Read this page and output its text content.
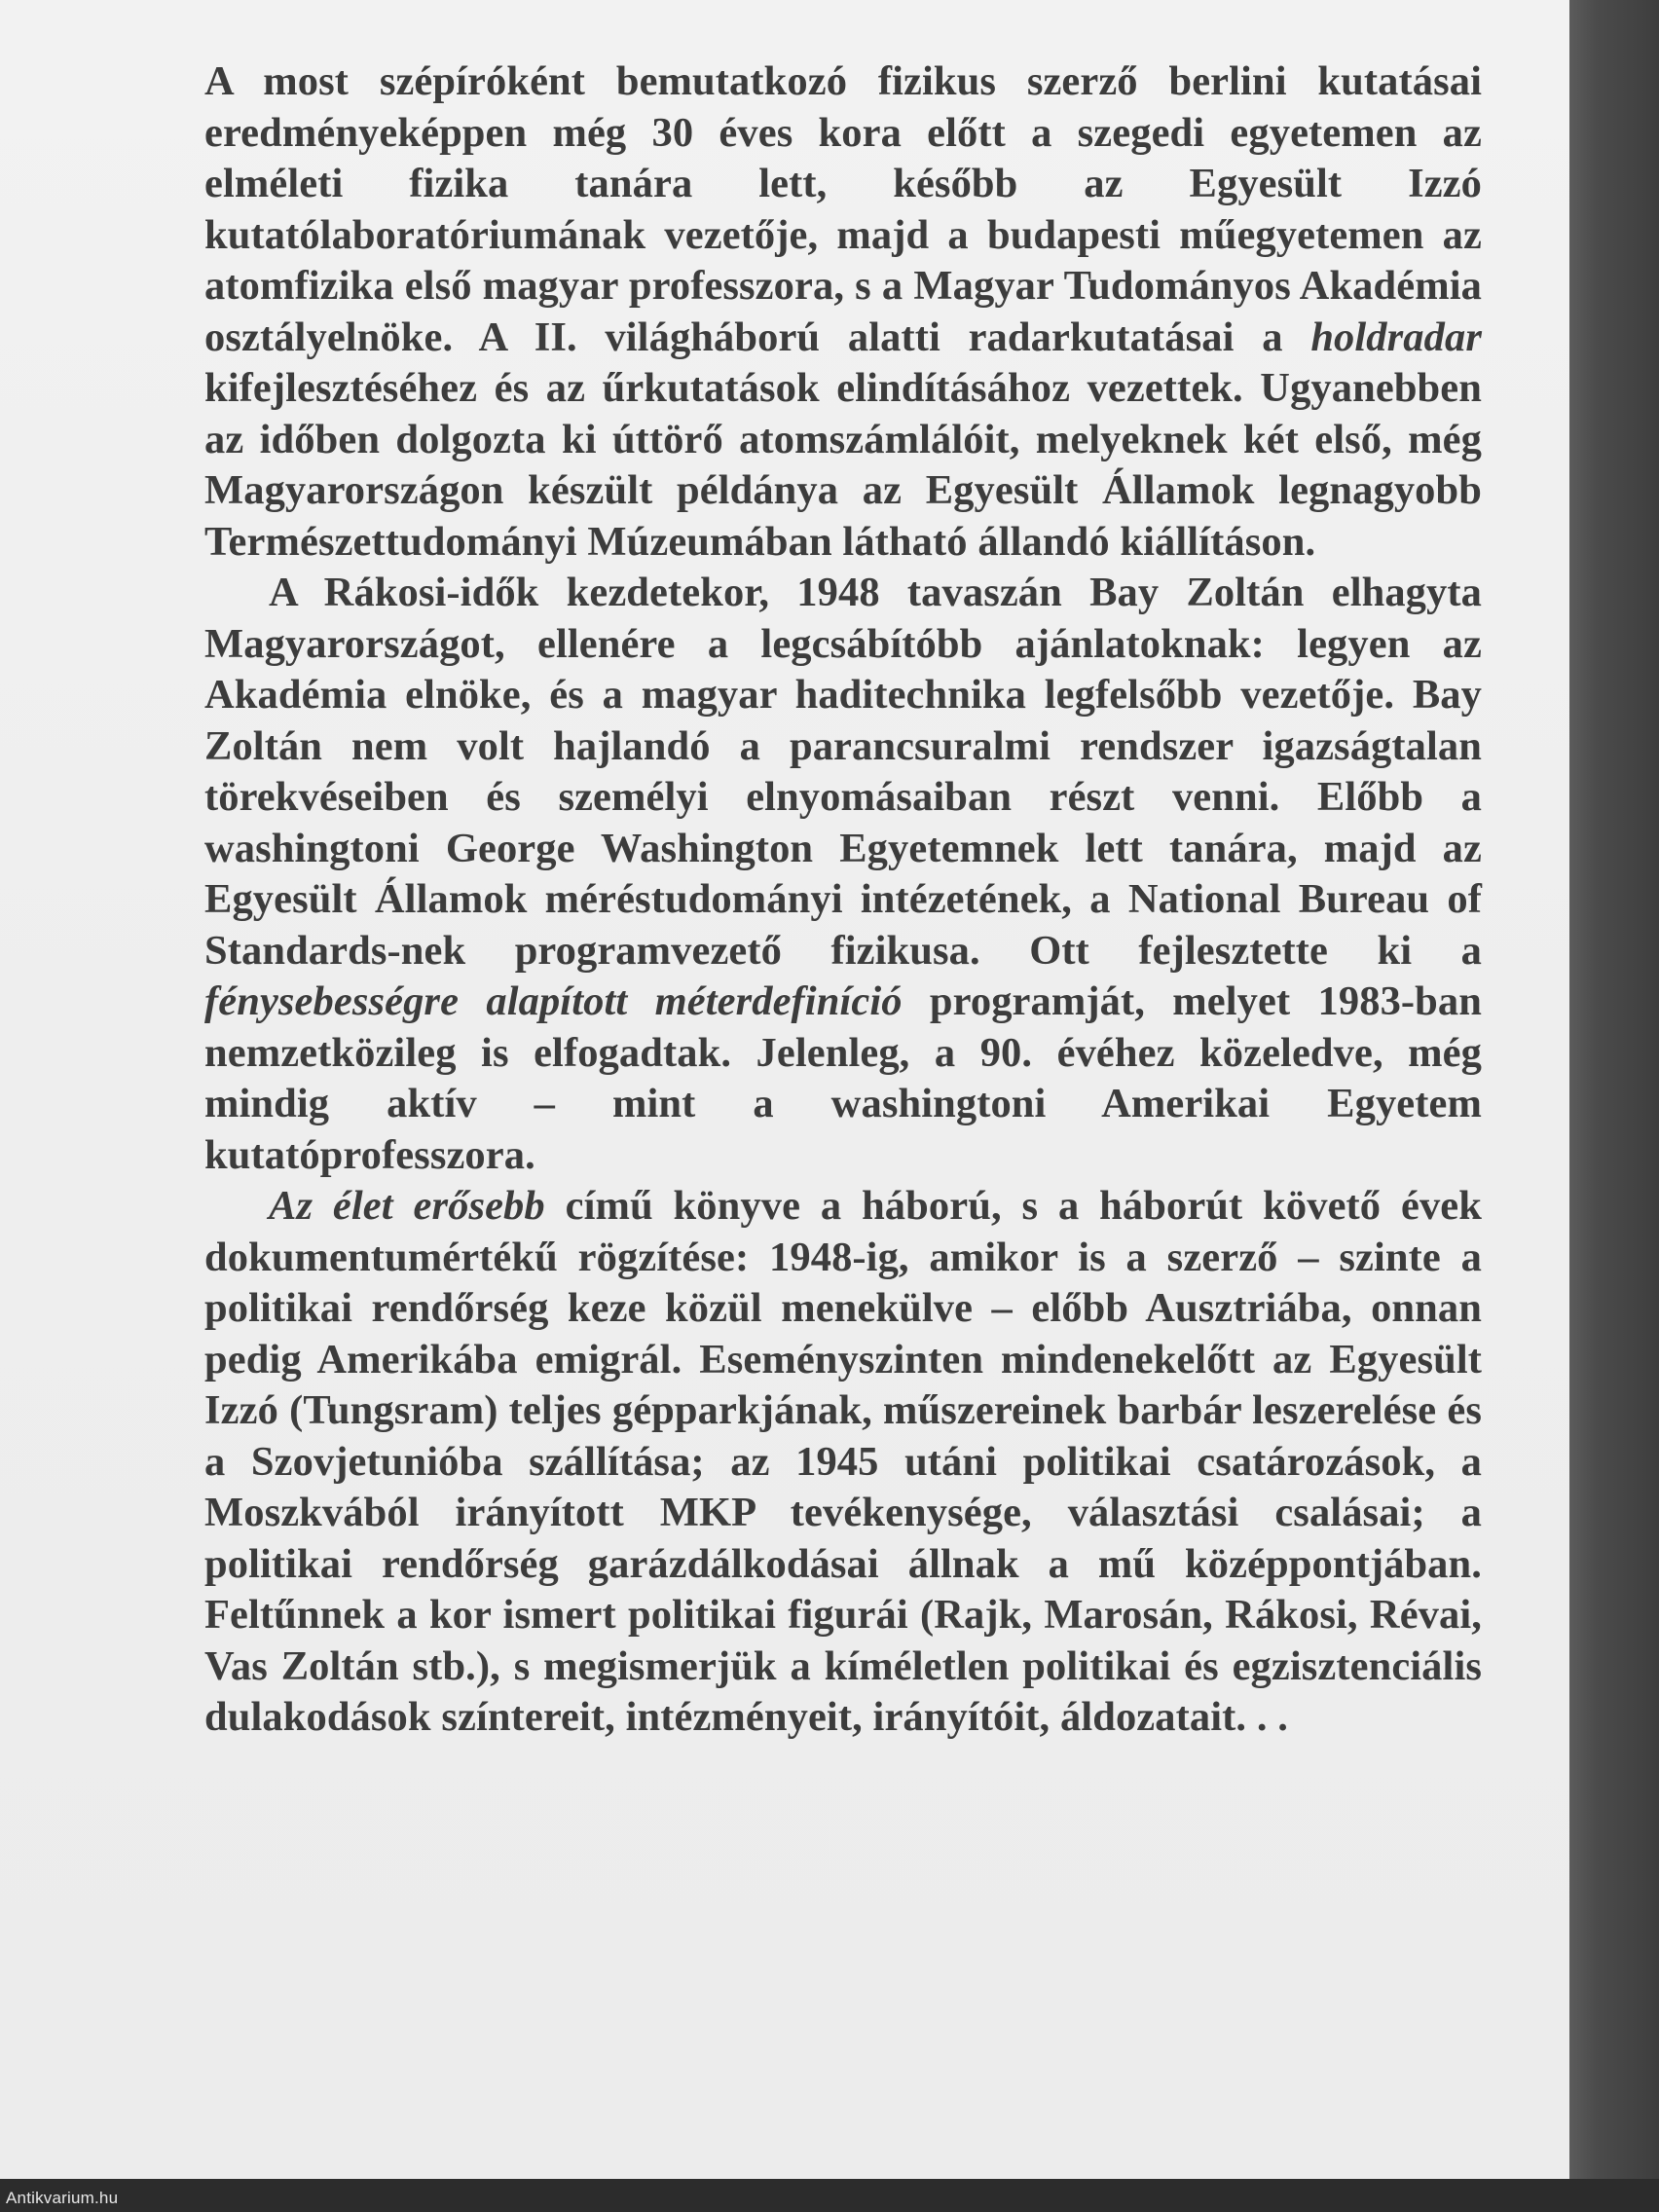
A most szépíróként bemutatkozó fizikus szerző berlini kutatásai eredményeképpen még 30 éves kora előtt a szegedi egyetemen az elméleti fizika tanára lett, később az Egyesült Izzó kutatólaboratóriumának vezetője, majd a budapesti műegyetemen az atomfizika első magyar professzora, s a Magyar Tudományos Akadémia osztályelnöke. A II. világháború alatti radarkutatásai a holdradar kifejlesztéséhez és az űrkutatások elindításához vezettek. Ugyanebben az időben dolgozta ki úttörő atomszámlálóit, melyeknek két első, még Magyarországon készült példánya az Egyesült Államok legnagyobb Természettudományi Múzeumában látható állandó kiállításon.

A Rákosi-idők kezdetekor, 1948 tavaszán Bay Zoltán elhagyta Magyarországot, ellenére a legcsábítóbb ajánlatoknak: legyen az Akadémia elnöke, és a magyar haditechnika legfelsőbb vezetője. Bay Zoltán nem volt hajlandó a parancsuralmi rendszer igazságtalan törekvéseiben és személyi elnyomásaiban részt venni. Előbb a washingtoni George Washington Egyetemnek lett tanára, majd az Egyesült Államok méréstudományi intézetének, a National Bureau of Standards-nek programvezető fizikusa. Ott fejlesztette ki a fénysebességre alapított méterdefiníció programját, melyet 1983-ban nemzetközileg is elfogadtak. Jelenleg, a 90. évéhez közeledve, még mindig aktív – mint a washingtoni Amerikai Egyetem kutatóprofesszora.

Az élet erősebb című könyve a háború, s a háborút követő évek dokumentumértékű rögzítése: 1948-ig, amikor is a szerző – szinte a politikai rendőrség keze közül menekülve – előbb Ausztriába, onnan pedig Amerikába emigrál. Eseményszinten mindenekelőtt az Egyesült Izzó (Tungsram) teljes gépparkjának, műszereinek barbár leszerelése és a Szovjetunióba szállítása; az 1945 utáni politikai csatározások, a Moszkvából irányított MKP tevékenysége, választási csalásai; a politikai rendőrség garázdálkodásai állnak a mű középpontjában. Feltűnnek a kor ismert politikai figurái (Rajk, Marosán, Rákosi, Révai, Vas Zoltán stb.), s megismerjük a kíméletlen politikai és egzisztenciális dulakodások színtereit, intézményeit, irányítóit, áldozatait. . .

Antikvarium.hu
